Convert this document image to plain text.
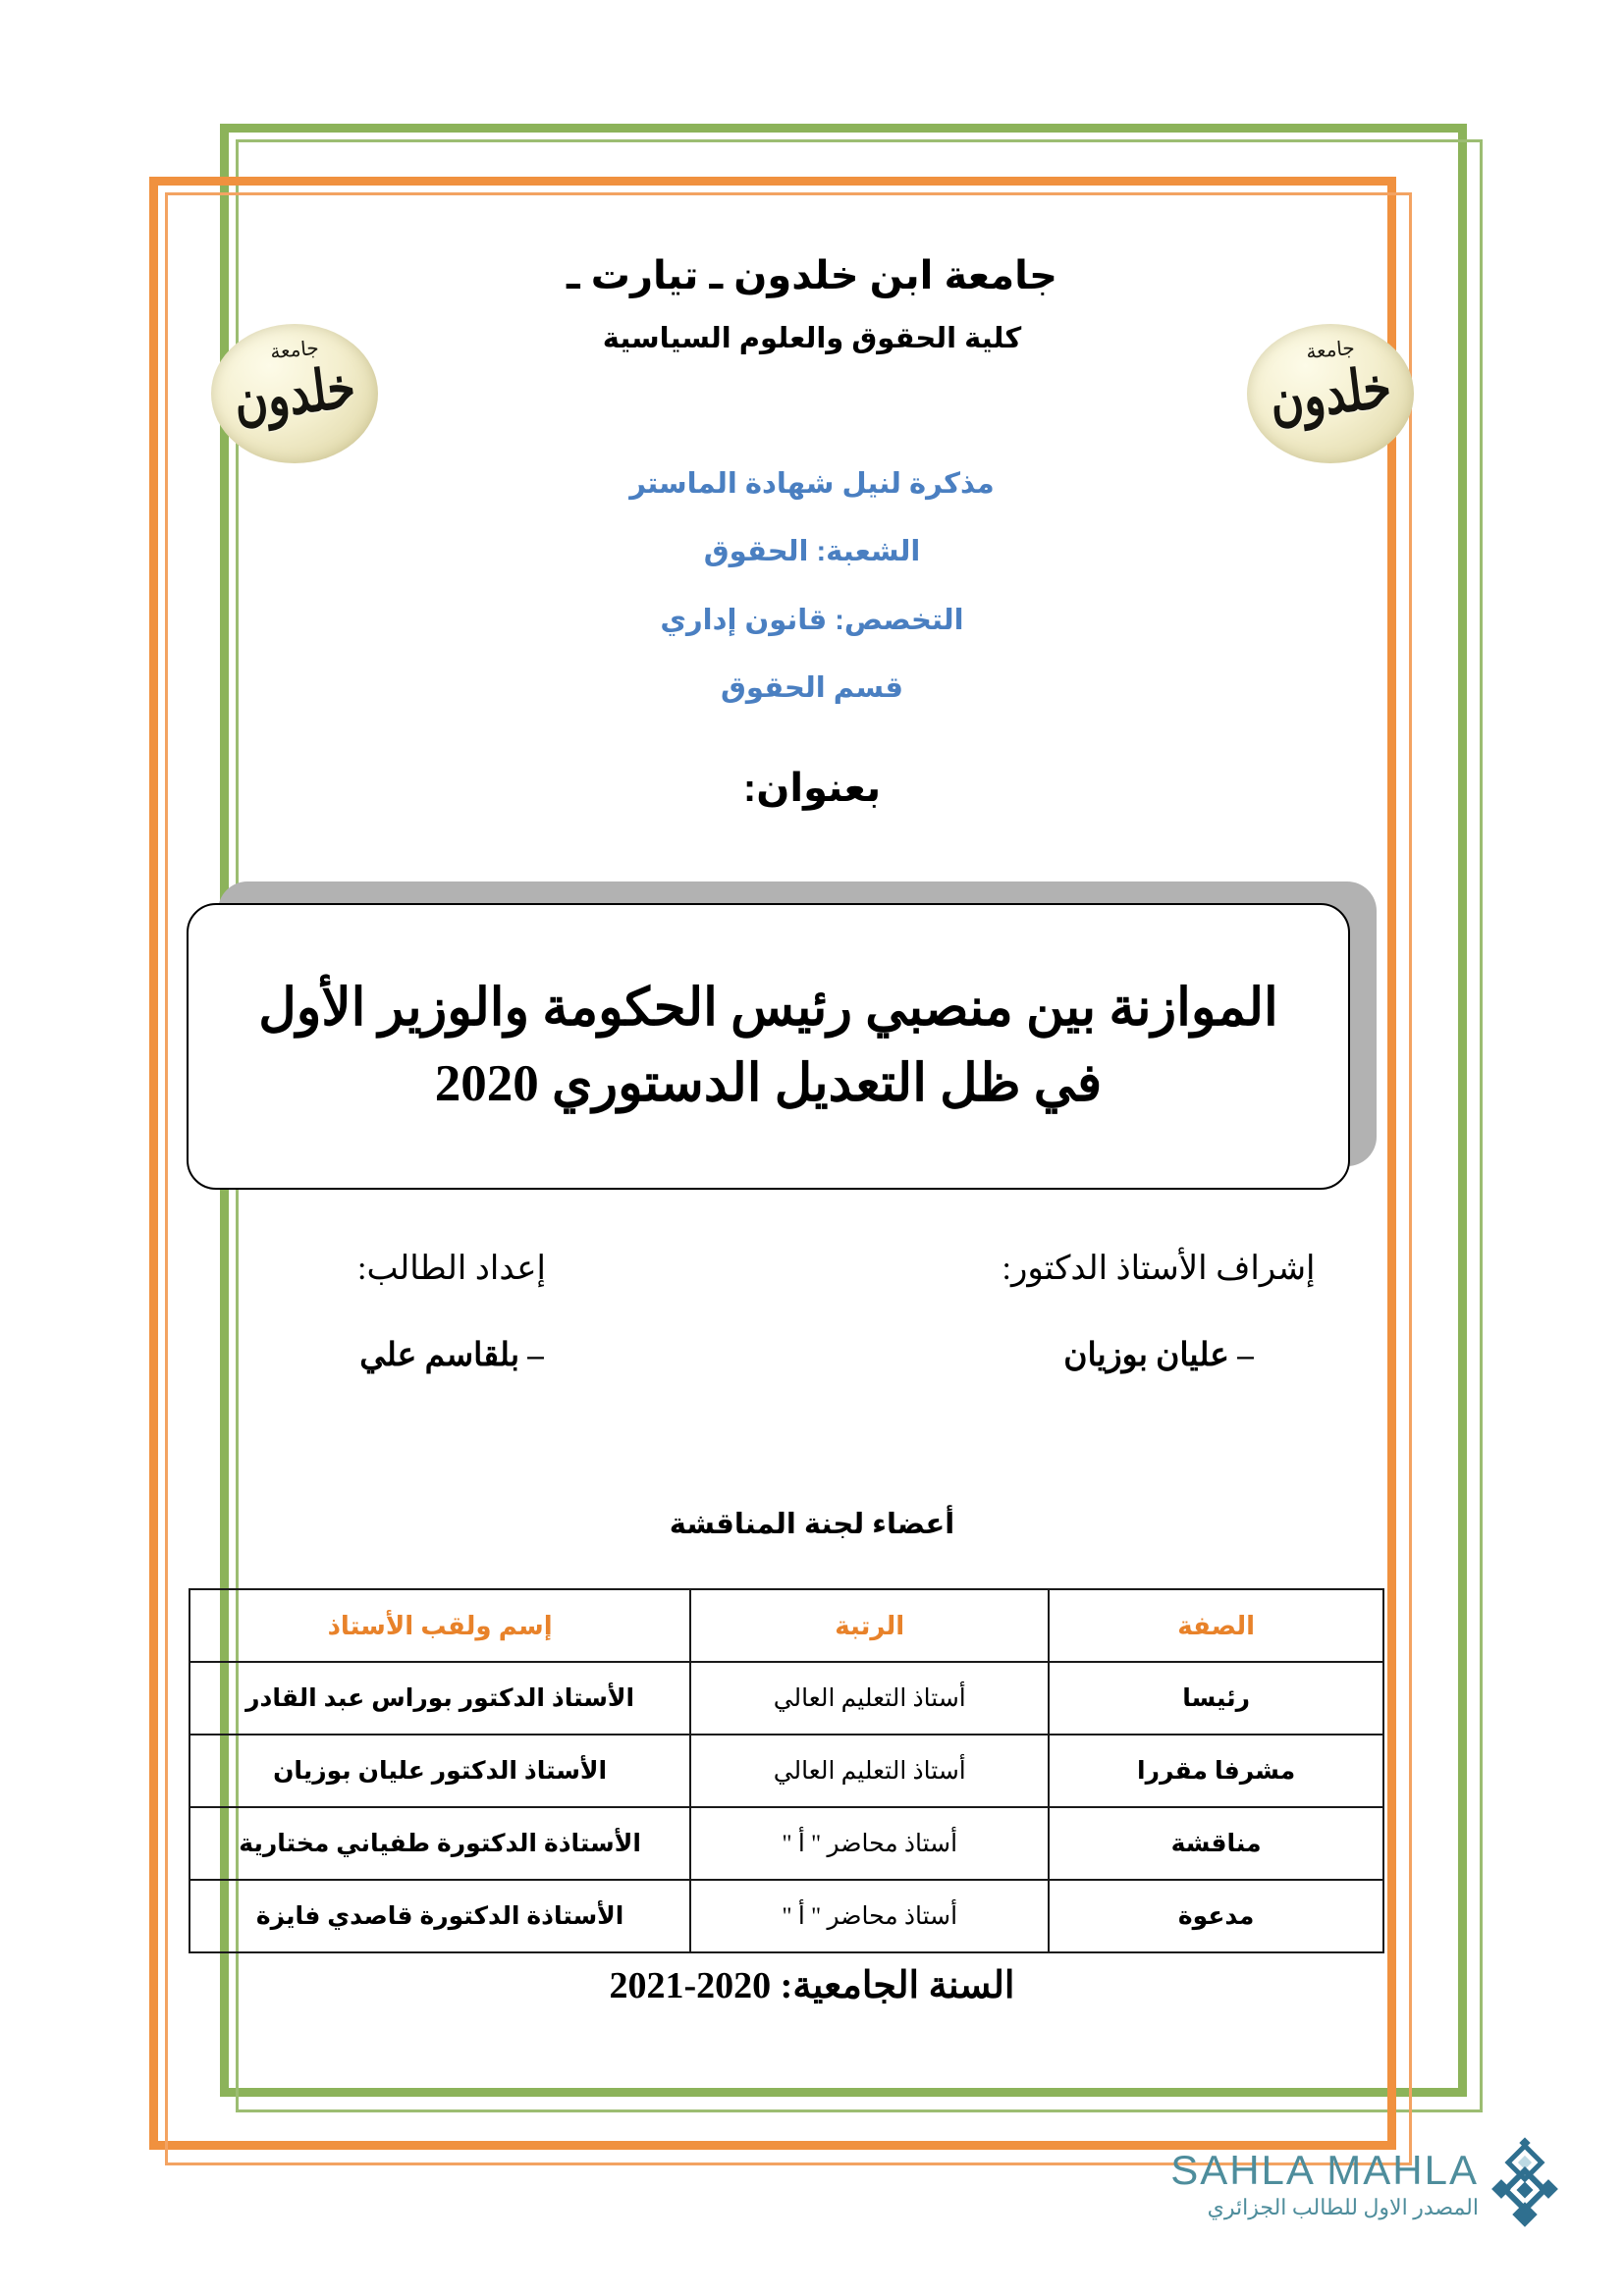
جامعة
خلدون
جامعة
خلدون
جامعة ابن خلدون ـ تيارت ـ
كلية الحقوق والعلوم السياسية
مذكرة لنيل شهادة الماستر
الشعبة: الحقوق
التخصص: قانون إداري
قسم الحقوق
بعنوان:
الموازنة بين منصبي رئيس الحكومة والوزير الأول
في ظل التعديل الدستوري 2020
إشراف الأستاذ الدكتور:
– عليان بوزيان
إعداد الطالب:
– بلقاسم علي
أعضاء لجنة المناقشة
الصفة	الرتبة	إسم ولقب الأستاذ
رئيسا	أستاذ التعليم العالي	الأستاذ الدكتور بوراس عبد القادر
مشرفا مقررا	أستاذ التعليم العالي	الأستاذ الدكتور عليان بوزيان
مناقشة	أستاذ محاضر " أ "	الأستاذة الدكتورة طفياني مختارية
مدعوة	أستاذ محاضر " أ "	الأستاذة الدكتورة قاصدي فايزة
السنة الجامعية: 2020-2021
SAHLA MAHLA
المصدر الاول للطالب الجزائري
